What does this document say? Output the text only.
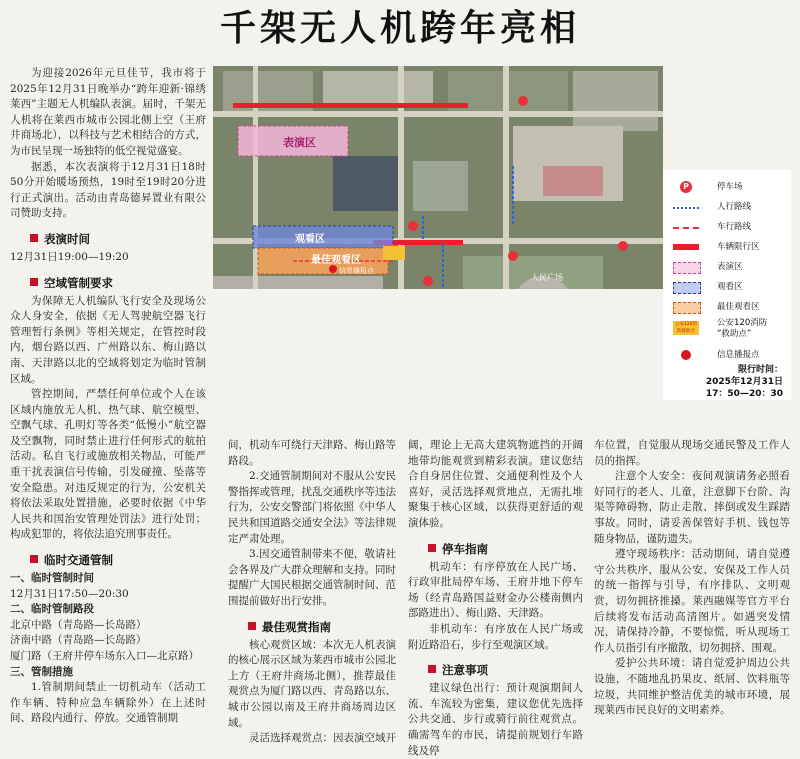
千架无人机跨年亮相
表演区
观看区
最佳观看区
信息播报点
人民广场
P	停车场
人行路线
车行路线
车辆限行区
表演区
观看区
最佳观看区
公安120消防救助点
公安120消防
“救助点”
信息播报点
限行时间：
2025年12月31日
17：50—20：30

为迎接2026年元旦佳节，我市将于2025年12月31日晚举办“跨年迎新·锦绣莱西”主题无人机编队表演。届时，千架无人机将在莱西市城市公园北侧上空（王府井商场北），以科技与艺术相结合的方式，为市民呈现一场独特的低空视觉盛宴。

据悉，本次表演将于12月31日18时50分开始暖场预热，19时至19时20分进行正式演出。活动由青岛德昇置业有限公司赞助支持。

表演时间

12月31日19:00—19:20

空域管制要求

为保障无人机编队飞行安全及现场公众人身安全，依据《无人驾驶航空器飞行管理暂行条例》等相关规定，在管控时段内，烟台路以西、广州路以东、梅山路以南、天津路以北的空域将划定为临时管制区域。

管控期间，严禁任何单位或个人在该区域内施放无人机、热气球、航空模型、空飘气球、孔明灯等各类“低慢小”航空器及空飘物，同时禁止进行任何形式的航拍活动。私自飞行或施放相关物品，可能严重干扰表演信号传输，引发碰撞、坠落等安全隐患。对违反规定的行为，公安机关将依法采取处置措施，必要时依据《中华人民共和国治安管理处罚法》进行处罚；构成犯罪的，将依法追究刑事责任。

临时交通管制
一、临时管制时间

12月31日17:50—20:30

二、临时管制路段

北京中路（青岛路—长岛路）

济南中路（青岛路—长岛路）

厦门路（王府井停车场东入口—北京路）

三、管制措施

1.管制期间禁止一切机动车（活动工作车辆、特种应急车辆除外）在上述时间、路段内通行、停放。交通管制期

间，机动车可绕行天津路、梅山路等路段。

2.交通管制期间对不服从公安民警指挥或管理，扰乱交通秩序等违法行为，公安交警部门将依照《中华人民共和国道路交通安全法》等法律规定严肃处理。

3.因交通管制带来不便，敬请社会各界及广大群众理解和支持。同时提醒广大国民根据交通管制时间、范围提前做好出行安排。

最佳观赏指南

核心观赏区域：本次无人机表演的核心展示区域为莱西市城市公园北上方（王府井商场北侧），推荐最佳观赏点为厦门路以西、青岛路以东、城市公园以南及王府井商场周边区域。

灵活选择观赏点：因表演空域开

阔，理论上无高大建筑物遮挡的开阔地带均能观赏到精彩表演。建议您结合自身居住位置、交通便利性及个人喜好，灵活选择观赏地点，无需扎堆聚集于核心区域，以获得更舒适的观演体验。

停车指南

机动车：有序停放在人民广场、行政审批局停车场、王府井地下停车场（经青岛路国益财金办公楼南侧内部路进出）、梅山路、天津路。

非机动车：有序放在人民广场或附近路沿石，步行至观演区域。

注意事项

建议绿色出行：预计观演期间人流、车流较为密集，建议您优先选择公共交通、步行或骑行前往观赏点。确需驾车的市民，请提前规划行车路线及停

车位置，自觉服从现场交通民警及工作人员的指挥。

注意个人安全：夜间观演请务必照看好同行的老人、儿童，注意脚下台阶、沟渠等障碍物，防止走散、摔倒或发生踩踏事故。同时，请妥善保管好手机、钱包等随身物品，谨防遗失。

遵守现场秩序：活动期间，请自觉遵守公共秩序，服从公安、安保及工作人员的统一指挥与引导，有序排队、文明观赏，切勿拥挤推搡。莱西融媒等官方平台后续将发布活动高清图片。如遇突发情况，请保持冷静，不要惊慌，听从现场工作人员指引有序撤散，切勿拥挤、围观。

爱护公共环境：请自觉爱护周边公共设施，不随地乱扔果皮、纸屑、饮料瓶等垃圾，共同维护整洁优美的城市环境，展现莱西市民良好的文明素养。
